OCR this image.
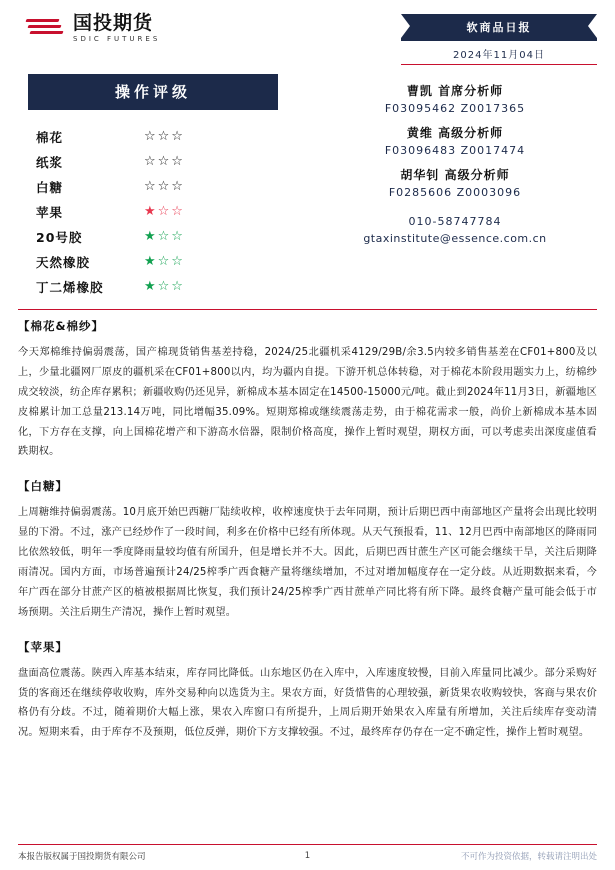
国投期货
SDIC FUTURES
软商品日报
2024年11月04日
操作评级
棉花	☆☆☆
纸浆	☆☆☆
白糖	☆☆☆
苹果	★☆☆
20号胶	★☆☆
天然橡胶	★☆☆
丁二烯橡胶	★☆☆
曹凯 首席分析师
F03095462 Z0017365
黄维 高级分析师
F03096483 Z0017474
胡华钊 高级分析师
F0285606 Z0003096
010-58747784
gtaxinstitute@essence.com.cn
【棉花&棉纱】
今天郑棉维持偏弱震荡，国产棉现货销售基差持稳，2024/25北疆机采4129/29B/余3.5内较多销售基差在CF01+800及以上，少量北疆网厂原皮的疆机采在CF01+800以内，均为疆内自提。下游开机总体转稳，对于棉花本阶段用题实力上，纺棉纱成交较淡，纺企库存累积；新疆收购仍还见异，新棉成本基本固定在14500-15000元/吨。截止到2024年11月3日，新疆地区皮棉累计加工总量213.14万吨，同比增幅35.09%。短期郑棉或继续震荡走势，由于棉花需求一般，尚价上新棉成本基本固化，下方存在支撑，向上国棉花增产和下游高水倍器，限制价格高度，操作上暂时观望，期权方面，可以考虑卖出深度虚值看跌期权。
【白糖】
上周糖维持偏弱震荡。10月底开始巴西糖厂陆续收榨，收榨速度快于去年同期，预计后期巴西中南部地区产量将会出现比较明显的下滑。不过，涨产已经炒作了一段时间，利多在价格中已经有所体现。从天气预报看，11、12月巴西中南部地区的降雨同比依然较低，明年一季度降雨量较均值有所国升，但是增长并不大。因此，后期巴西甘蔗生产区可能会继续干旱，关注后期降雨清况。国内方面，市场普遍预计24/25榨季广西食糖产量将继续增加，不过对增加幅度存在一定分歧。从近期数据来看，今年广西在部分甘蔗产区的植被根据周比恢复，我们预计24/25榨季广西甘蔗单产同比将有所下降。最终食糖产量可能会低于市场预期。关注后期生产清况，操作上暂时观望。
【苹果】
盘面高位震荡。陕西入库基本结束，库存同比降低。山东地区仍在入库中，入库速度较慢，目前入库量同比减少。部分采购好货的客商还在继续停收收购，库外交易种向以选货为主。果农方面，好货惜售的心理较强，新货果农收购较快，客商与果农价格仍有分歧。不过，随着期价大幅上涨，果农入库窗口有所提升，上周后期开始果农入库量有所增加，关注后续库存变动清况。短期来看，由于库存不及预期，低位反弹，期价下方支撑较强。不过，最终库存仍存在一定不确定性，操作上暂时观望。
本报告版权属于国投期货有限公司	1	不可作为投资依据，转载请注明出处
